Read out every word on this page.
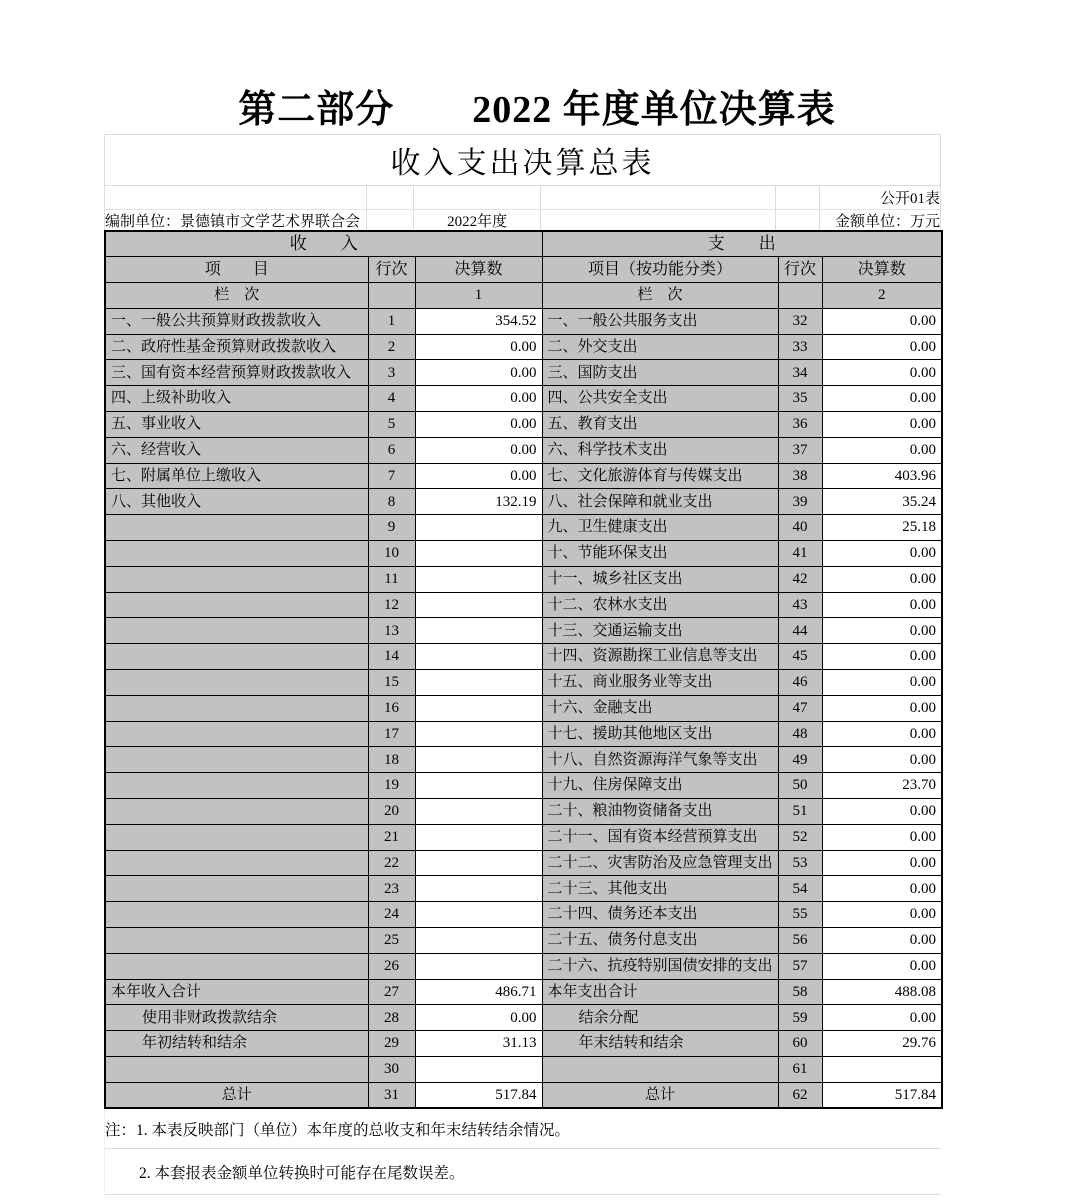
第二部分　　2022 年度单位决算表
收入支出决算总表
公开01表
编制单位：景德镇市文学艺术界联合会	2022年度	金额单位：万元
收　　入			支　　出		
项　　目	行次	决算数	项目（按功能分类）	行次	决算数
栏　次		1	栏　次		2
一、一般公共预算财政拨款收入	1	354.52	一、一般公共服务支出	32	0.00
二、政府性基金预算财政拨款收入	2	0.00	二、外交支出	33	0.00
三、国有资本经营预算财政拨款收入	3	0.00	三、国防支出	34	0.00
四、上级补助收入	4	0.00	四、公共安全支出	35	0.00
五、事业收入	5	0.00	五、教育支出	36	0.00
六、经营收入	6	0.00	六、科学技术支出	37	0.00
七、附属单位上缴收入	7	0.00	七、文化旅游体育与传媒支出	38	403.96
八、其他收入	8	132.19	八、社会保障和就业支出	39	35.24
	9		九、卫生健康支出	40	25.18
	10		十、节能环保支出	41	0.00
	11		十一、城乡社区支出	42	0.00
	12		十二、农林水支出	43	0.00
	13		十三、交通运输支出	44	0.00
	14		十四、资源勘探工业信息等支出	45	0.00
	15		十五、商业服务业等支出	46	0.00
	16		十六、金融支出	47	0.00
	17		十七、援助其他地区支出	48	0.00
	18		十八、自然资源海洋气象等支出	49	0.00
	19		十九、住房保障支出	50	23.70
	20		二十、粮油物资储备支出	51	0.00
	21		二十一、国有资本经营预算支出	52	0.00
	22		二十二、灾害防治及应急管理支出	53	0.00
	23		二十三、其他支出	54	0.00
	24		二十四、债务还本支出	55	0.00
	25		二十五、债务付息支出	56	0.00
	26		二十六、抗疫特别国债安排的支出	57	0.00
本年收入合计	27	486.71	本年支出合计	58	488.08
使用非财政拨款结余	28	0.00	结余分配	59	0.00
年初结转和结余	29	31.13	年末结转和结余	60	29.76
	30			61	
总计	31	517.84	总计	62	517.84
注：1. 本表反映部门（单位）本年度的总收支和年末结转结余情况。
2. 本套报表金额单位转换时可能存在尾数误差。
